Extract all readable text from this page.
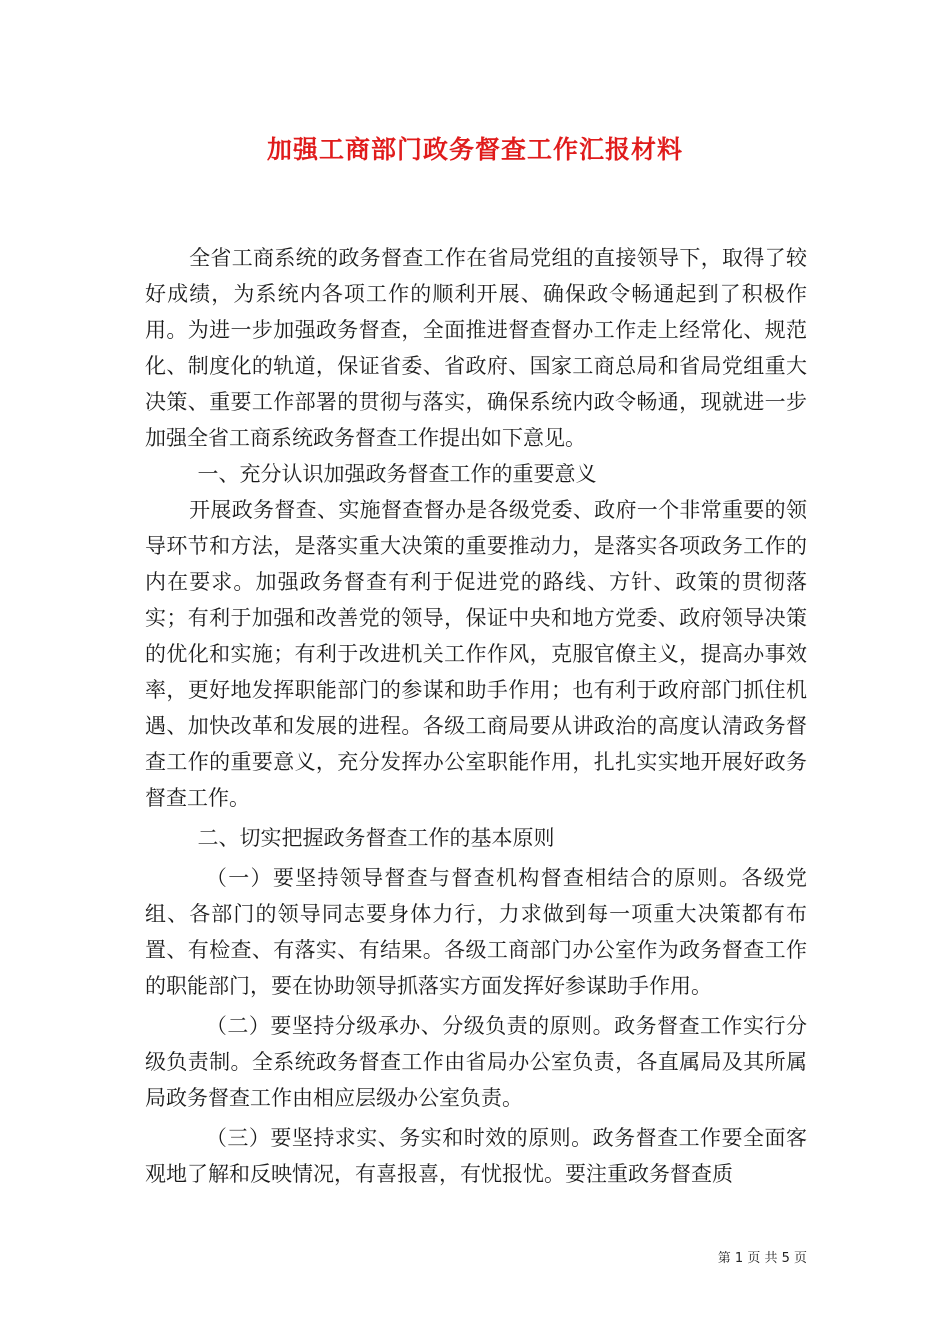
加强工商部门政务督查工作汇报材料

全省工商系统的政务督查工作在省局党组的直接领导下，取得了较好成绩，为系统内各项工作的顺利开展、确保政令畅通起到了积极作用。为进一步加强政务督查，全面推进督查督办工作走上经常化、规范化、制度化的轨道，保证省委、省政府、国家工商总局和省局党组重大决策、重要工作部署的贯彻与落实，确保系统内政令畅通，现就进一步加强全省工商系统政务督查工作提出如下意见。

一、充分认识加强政务督查工作的重要意义

开展政务督查、实施督查督办是各级党委、政府一个非常重要的领导环节和方法，是落实重大决策的重要推动力，是落实各项政务工作的内在要求。加强政务督查有利于促进党的路线、方针、政策的贯彻落实；有利于加强和改善党的领导，保证中央和地方党委、政府领导决策的优化和实施；有利于改进机关工作作风，克服官僚主义，提高办事效率，更好地发挥职能部门的参谋和助手作用；也有利于政府部门抓住机遇、加快改革和发展的进程。各级工商局要从讲政治的高度认清政务督查工作的重要意义，充分发挥办公室职能作用，扎扎实实地开展好政务督查工作。

二、切实把握政务督查工作的基本原则

（一）要坚持领导督查与督查机构督查相结合的原则。各级党组、各部门的领导同志要身体力行，力求做到每一项重大决策都有布置、有检查、有落实、有结果。各级工商部门办公室作为政务督查工作的职能部门，要在协助领导抓落实方面发挥好参谋助手作用。

（二）要坚持分级承办、分级负责的原则。政务督查工作实行分级负责制。全系统政务督查工作由省局办公室负责，各直属局及其所属局政务督查工作由相应层级办公室负责。

（三）要坚持求实、务实和时效的原则。政务督查工作要全面客观地了解和反映情况，有喜报喜，有忧报忧。要注重政务督查质

第 1 页 共 5 页
